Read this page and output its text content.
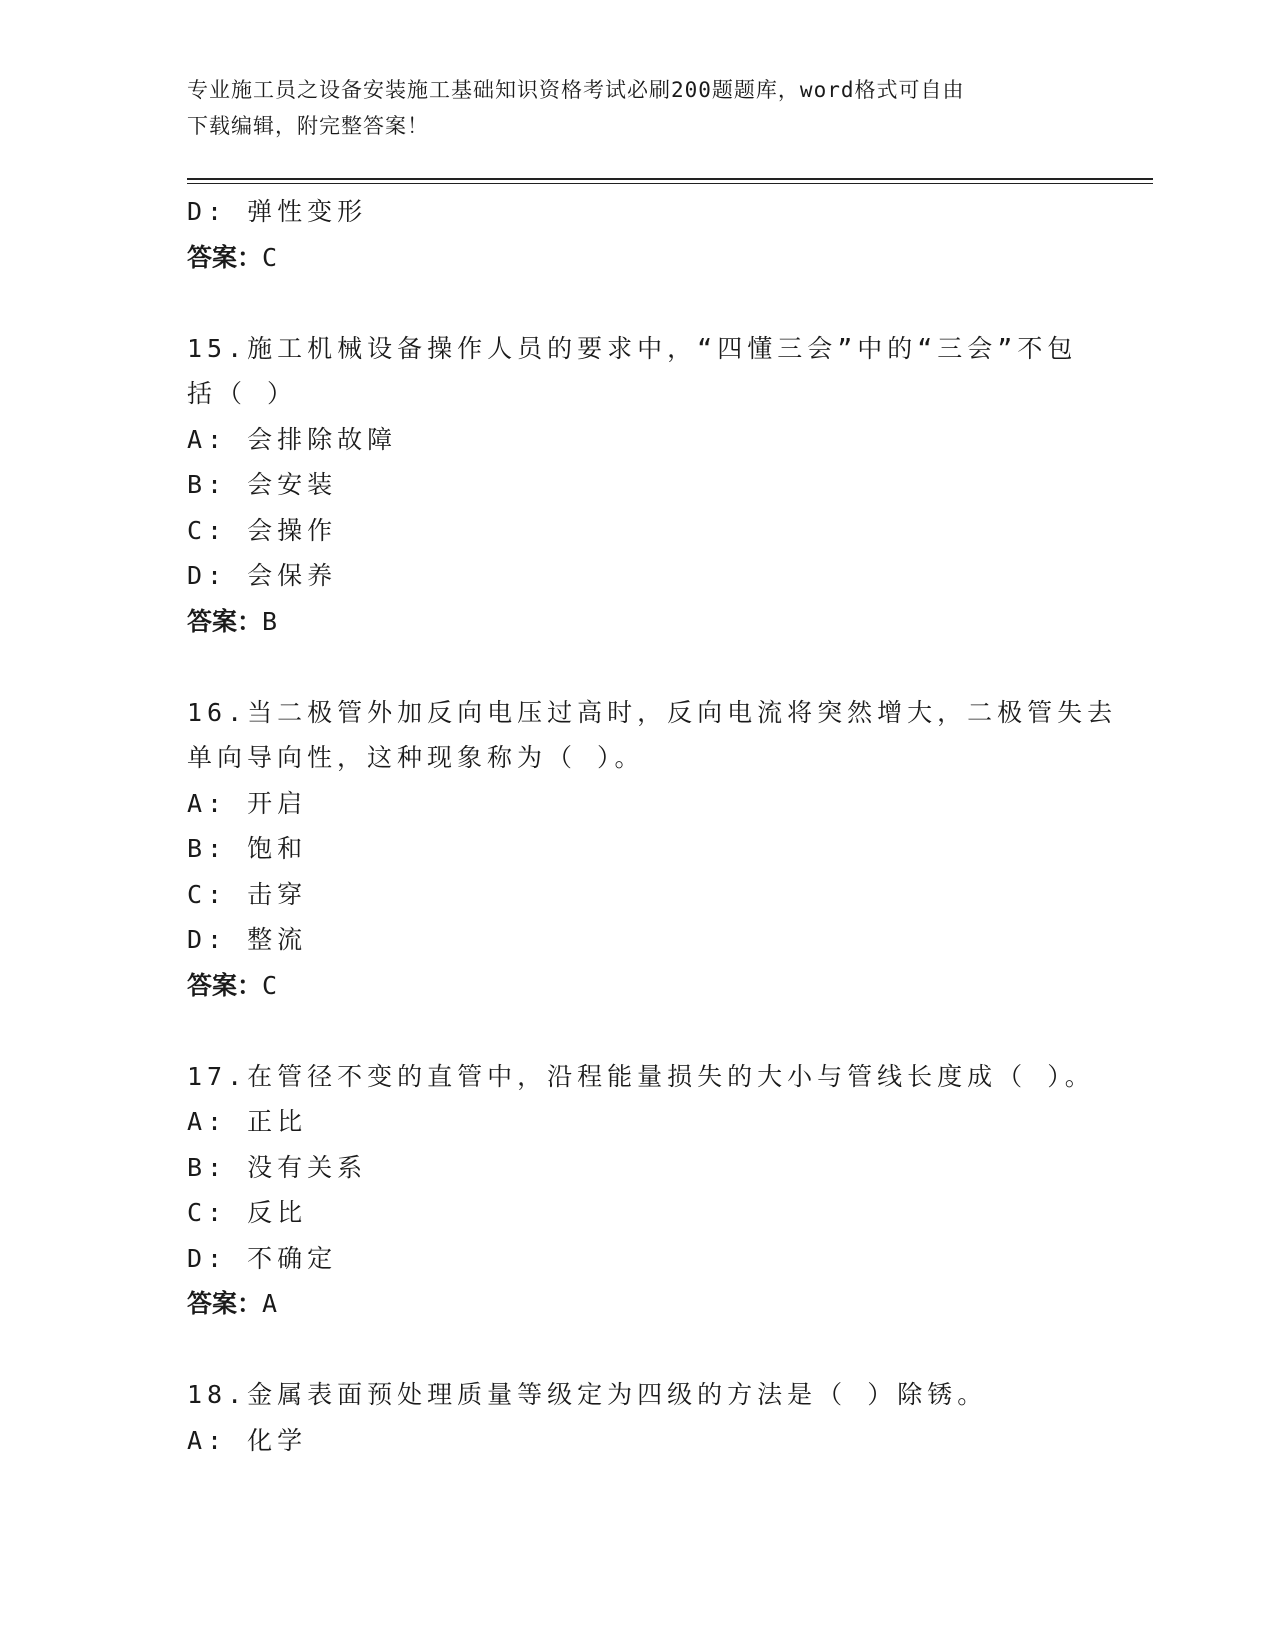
专业施工员之设备安装施工基础知识资格考试必刷200题题库，word格式可自由
下载编辑，附完整答案！
D: 弹性变形
答案：C
15.施工机械设备操作人员的要求中，“四懂三会”中的“三会”不包
括（ ）
A: 会排除故障
B: 会安装
C: 会操作
D: 会保养
答案：B
16.当二极管外加反向电压过高时，反向电流将突然增大，二极管失去
单向导向性，这种现象称为（ ）。
A: 开启
B: 饱和
C: 击穿
D: 整流
答案：C
17.在管径不变的直管中，沿程能量损失的大小与管线长度成（ ）。
A: 正比
B: 没有关系
C: 反比
D: 不确定
答案：A
18.金属表面预处理质量等级定为四级的方法是（ ）除锈。
A: 化学
